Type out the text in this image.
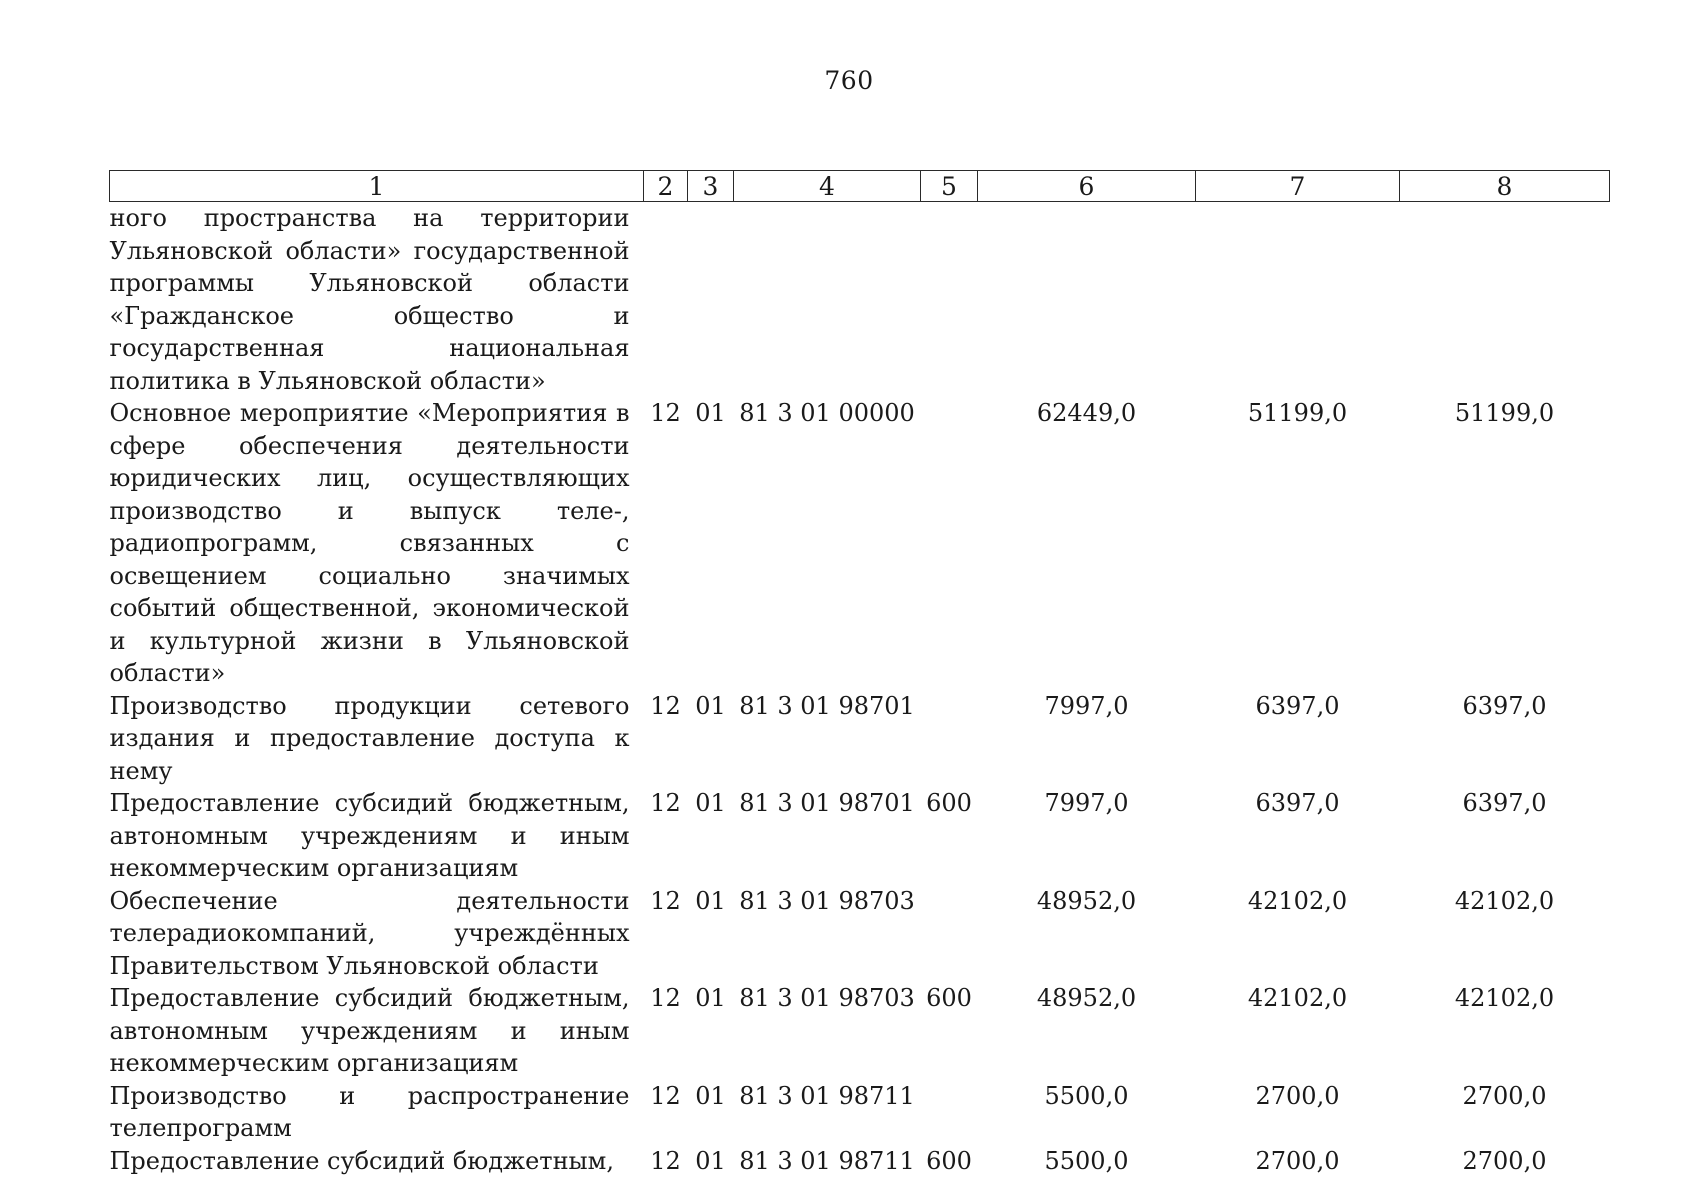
760
1	2	3	4	5	6	7	8
ного пространства на территории Ульяновской области» государственной программы Ульяновской области «Гражданское общество и государственная национальная политика в Ульяновской области»							
Основное мероприятие «Мероприятия в сфере обеспечения деятельности юридических лиц, осуществляющих производство и выпуск теле-, радиопрограмм, связанных с освещением социально значимых событий общественной, экономической и культурной жизни в Ульяновской области»	12	01	81 3 01 00000		62449,0	51199,0	51199,0
Производство продукции сетевого издания и предоставление доступа к нему	12	01	81 3 01 98701		7997,0	6397,0	6397,0
Предоставление субсидий бюджетным, автономным учреждениям и иным некоммерческим организациям	12	01	81 3 01 98701	600	7997,0	6397,0	6397,0
Обеспечение деятельности телерадиокомпаний, учреждённых Правительством Ульяновской области	12	01	81 3 01 98703		48952,0	42102,0	42102,0
Предоставление субсидий бюджетным, автономным учреждениям и иным некоммерческим организациям	12	01	81 3 01 98703	600	48952,0	42102,0	42102,0
Производство и распространение телепрограмм	12	01	81 3 01 98711		5500,0	2700,0	2700,0
Предоставление субсидий бюджетным,	12	01	81 3 01 98711	600	5500,0	2700,0	2700,0
